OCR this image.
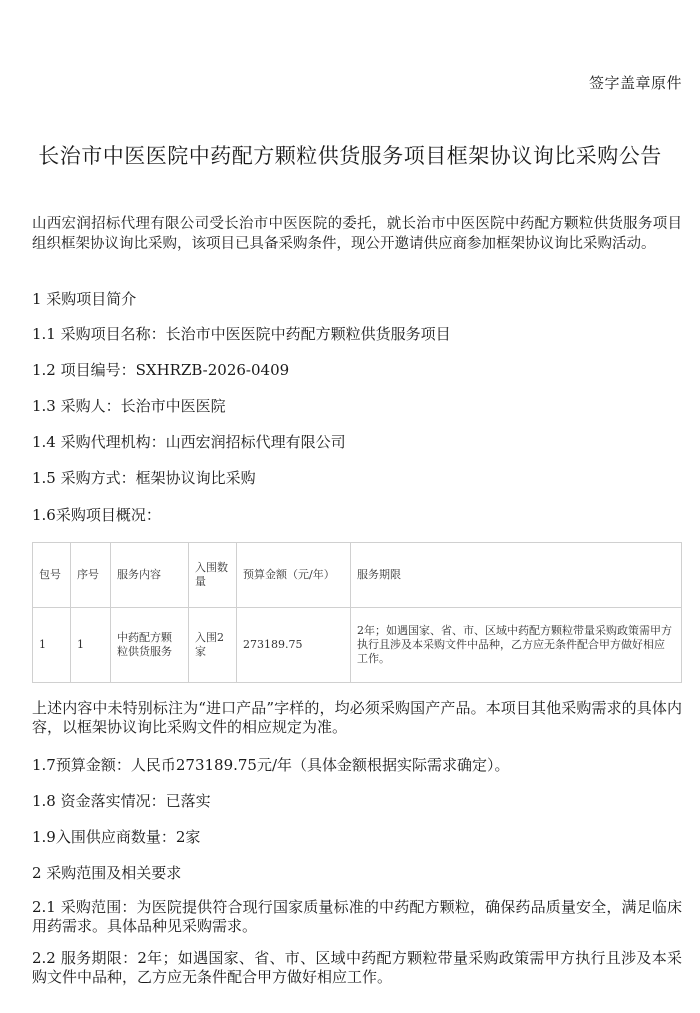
签字盖章原件
长治市中医医院中药配方颗粒供货服务项目框架协议询比采购公告

山西宏润招标代理有限公司受长治市中医医院的委托，就长治市中医医院中药配方颗粒供货服务项目组织框架协议询比采购，该项目已具备采购条件，现公开邀请供应商参加框架协议询比采购活动。

1 采购项目简介
1.1 采购项目名称：长治市中医医院中药配方颗粒供货服务项目
1.2 项目编号：SXHRZB-2026-0409
1.3 采购人：长治市中医医院
1.4 采购代理机构：山西宏润招标代理有限公司
1.5 采购方式：框架协议询比采购
1.6采购项目概况：
包号	序号	服务内容	入围数量	预算金额（元/年）	服务期限
1	1	中药配方颗粒供货服务	入围2家	273189.75	2年；如遇国家、省、市、区域中药配方颗粒带量采购政策需甲方执行且涉及本采购文件中品种，乙方应无条件配合甲方做好相应工作。

上述内容中未特别标注为“进口产品”字样的，均必须采购国产产品。本项目其他采购需求的具体内容，以框架协议询比采购文件的相应规定为准。

1.7预算金额：人民币273189.75元/年（具体金额根据实际需求确定）。
1.8 资金落实情况：已落实
1.9入围供应商数量：2家
2 采购范围及相关要求

2.1 采购范围：为医院提供符合现行国家质量标准的中药配方颗粒，确保药品质量安全，满足临床用药需求。具体品种见采购需求。

2.2 服务期限：2年；如遇国家、省、市、区域中药配方颗粒带量采购政策需甲方执行且涉及本采购文件中品种，乙方应无条件配合甲方做好相应工作。
